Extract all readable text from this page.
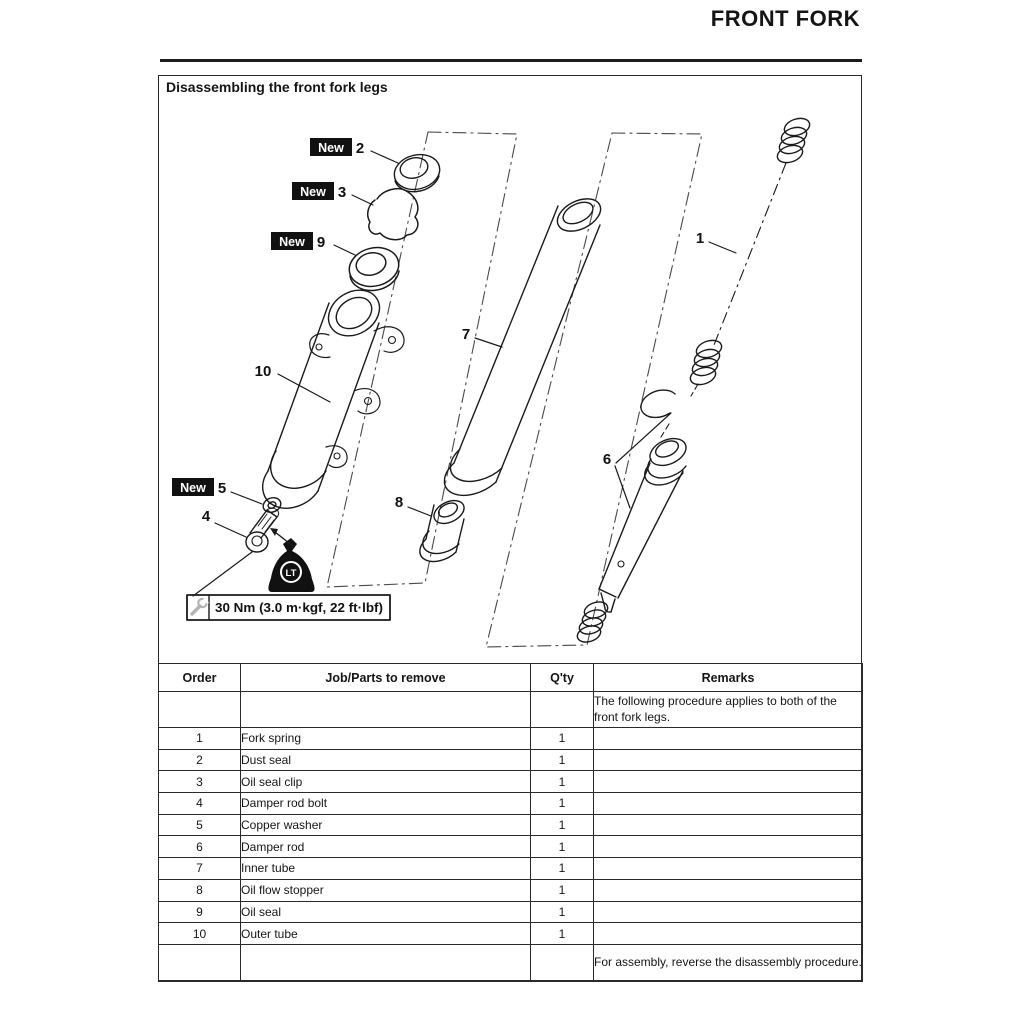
FRONT FORK
Disassembling the front fork legs
LT
30 Nm (3.0 m·kgf, 22 ft·lbf)
New
New
New
New
2
3
9
10
5
4
1
7
8
6
Order	Job/Parts to remove	Q'ty	Remarks
			The following procedure applies to both of the front fork legs.
1	Fork spring	1	
2	Dust seal	1	
3	Oil seal clip	1	
4	Damper rod bolt	1	
5	Copper washer	1	
6	Damper rod	1	
7	Inner tube	1	
8	Oil flow stopper	1	
9	Oil seal	1	
10	Outer tube	1	
			For assembly, reverse the disassembly procedure.
